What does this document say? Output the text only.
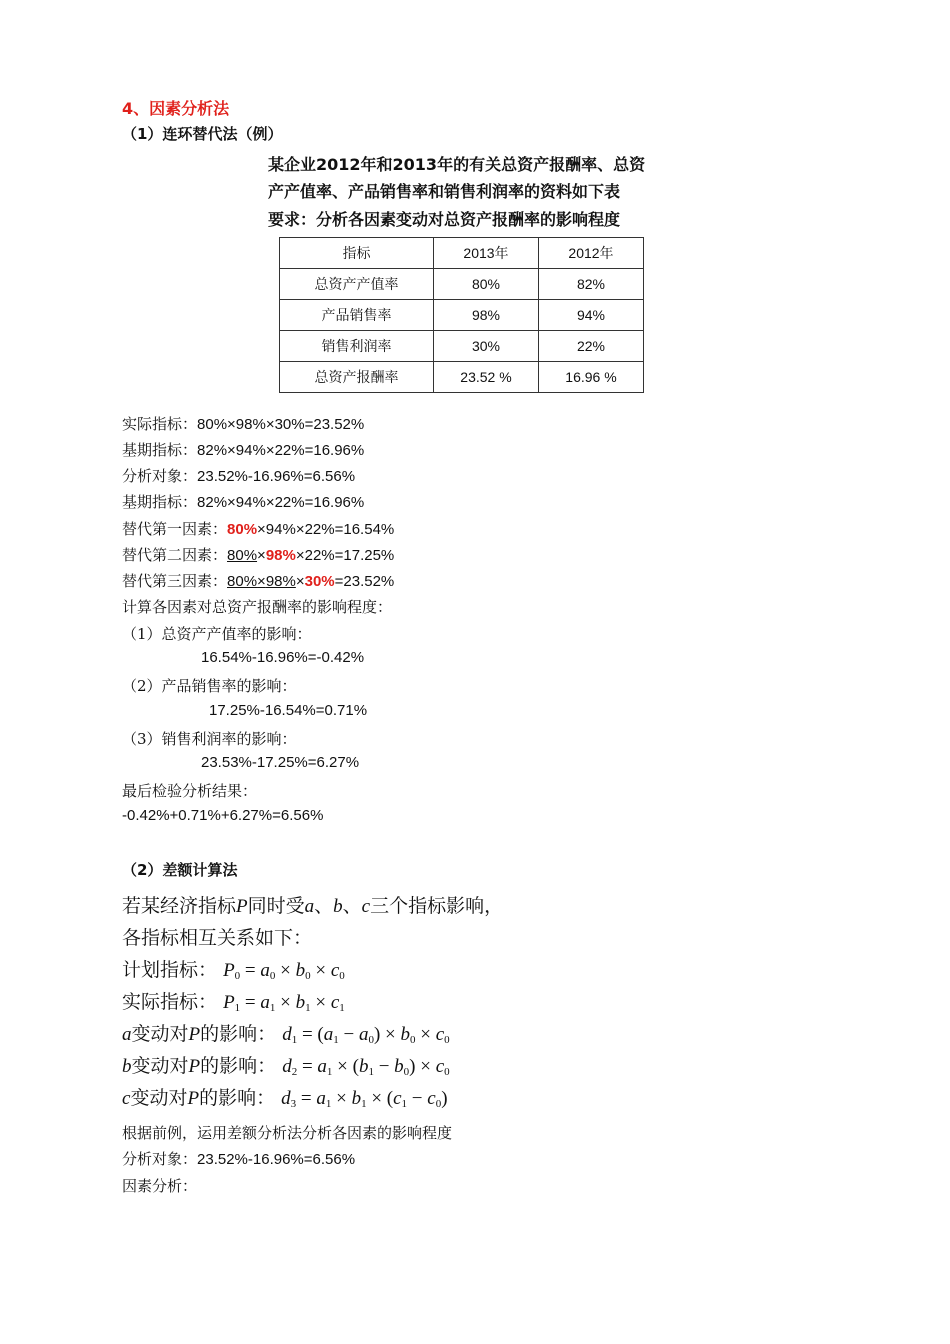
4、因素分析法
（1）连环替代法（例）
某企业2012年和2013年的有关总资产报酬率、总资
产产值率、产品销售率和销售利润率的资料如下表
要求：分析各因素变动对总资产报酬率的影响程度
指标	2013年	2012年
总资产产值率	80%	82%
产品销售率	98%	94%
销售利润率	30%	22%
总资产报酬率	23.52 %	16.96 %
实际指标：80%×98%×30%=23.52%
基期指标：82%×94%×22%=16.96%
分析对象：23.52%-16.96%=6.56%
基期指标：82%×94%×22%=16.96%
替代第一因素：80%×94%×22%=16.54%
替代第二因素：80%×98%×22%=17.25%
替代第三因素：80%×98%×30%=23.52%
计算各因素对总资产报酬率的影响程度：
（1）总资产产值率的影响：
16.54%-16.96%=-0.42%
（2）产品销售率的影响：
17.25%-16.54%=0.71%
（3）销售利润率的影响：
23.53%-17.25%=6.27%
最后检验分析结果：
-0.42%+0.71%+6.27%=6.56%
（2）差额计算法
若某经济指标P同时受a、b、c三个指标影响，
各指标相互关系如下：
计划指标： $P_0 = a_0 \times b_0 \times c_0$
实际指标： $P_1 = a_1 \times b_1 \times c_1$
a变动对P的影响： $d_1 = (a_1 - a_0) \times b_0 \times c_0$
b变动对P的影响： $d_2 = a_1 \times (b_1 - b_0) \times c_0$
c变动对P的影响： $d_3 = a_1 \times b_1 \times (c_1 - c_0)$
根据前例，运用差额分析法分析各因素的影响程度
分析对象：23.52%-16.96%=6.56%
因素分析：
